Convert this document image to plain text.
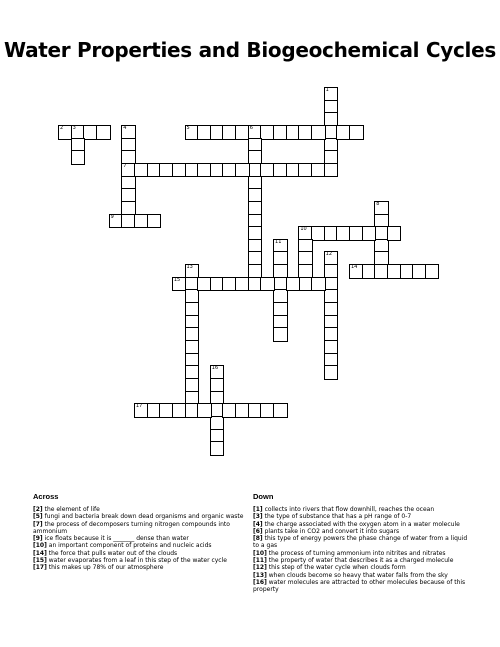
Water Properties and Biogeochemical Cycles
1
2 3	4
7
5	6
8
9
10
11
12
13	14
15
16
17
Across	Down

[2] the element of life

[5] fungi and bacteria break down dead organisms and organic waste

[7] the process of decomposers turning nitrogen compounds into ammonium

[9] ice floats because it is _______ dense than water

[10] an important component of proteins and nucleic acids

[14] the force that pulls water out of the clouds

[15] water evaporates from a leaf in this step of the water cycle

[17] this makes up 78% of our atmosphere

[1] collects into rivers that flow downhill, reaches the ocean

[3] the type of substance that has a pH range of 0-7

[4] the charge associated with the oxygen atom in a water molecule

[6] plants take in CO2 and convert it into sugars

[8] this type of energy powers the phase change of water from a liquid to a gas

[10] the process of turning ammonium into nitrites and nitrates

[11] the property of water that describes it as a charged molecule

[12] this step of the water cycle when clouds form

[13] when clouds become so heavy that water falls from the sky

[16] water molecules are attracted to other molecules because of this property
